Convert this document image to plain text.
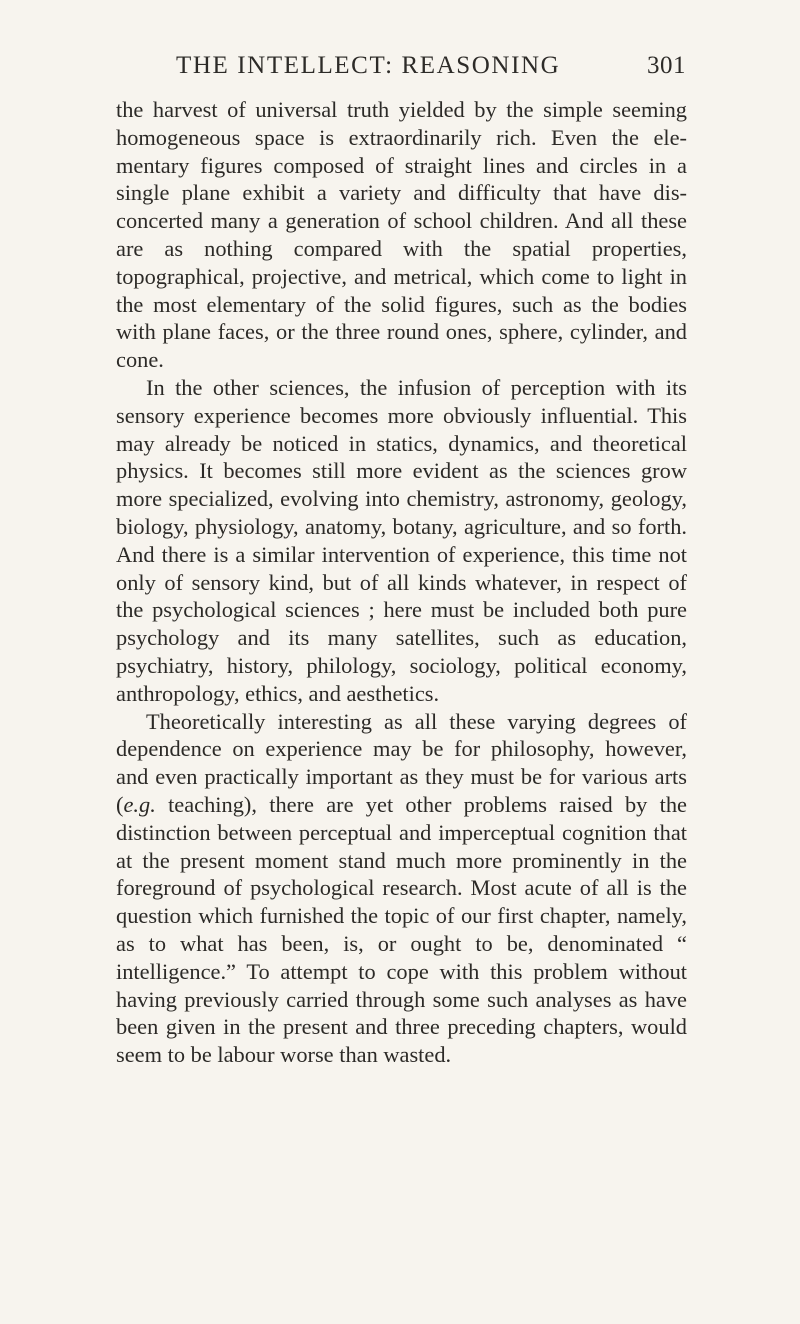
THE INTELLECT: REASONING	301

the harvest of universal truth yielded by the simple seeming homogeneous space is extraordinarily rich. Even the ele- mentary figures composed of straight lines and circles in a single plane exhibit a variety and difficulty that have dis- concerted many a generation of school children. And all these are as nothing compared with the spatial properties, topographical, projective, and metrical, which come to light in the most elementary of the solid figures, such as the bodies with plane faces, or the three round ones, sphere, cylinder, and cone.

In the other sciences, the infusion of perception with its sensory experience becomes more obviously influential. This may already be noticed in statics, dynamics, and theoretical physics. It becomes still more evident as the sciences grow more specialized, evolving into chemistry, astronomy, geology, biology, physiology, anatomy, botany, agriculture, and so forth. And there is a similar intervention of experience, this time not only of sensory kind, but of all kinds whatever, in respect of the psychological sciences ; here must be included both pure psychology and its many satellites, such as education, psychiatry, history, philology, sociology, political economy, anthropology, ethics, and aesthetics.

Theoretically interesting as all these varying degrees of dependence on experience may be for philosophy, however, and even practically important as they must be for various arts (e.g. teaching), there are yet other problems raised by the distinction between perceptual and imperceptual cognition that at the present moment stand much more prominently in the foreground of psychological research. Most acute of all is the question which furnished the topic of our first chapter, namely, as to what has been, is, or ought to be, denominated “ intelligence.” To attempt to cope with this problem without having previously carried through some such analyses as have been given in the present and three preceding chapters, would seem to be labour worse than wasted.
